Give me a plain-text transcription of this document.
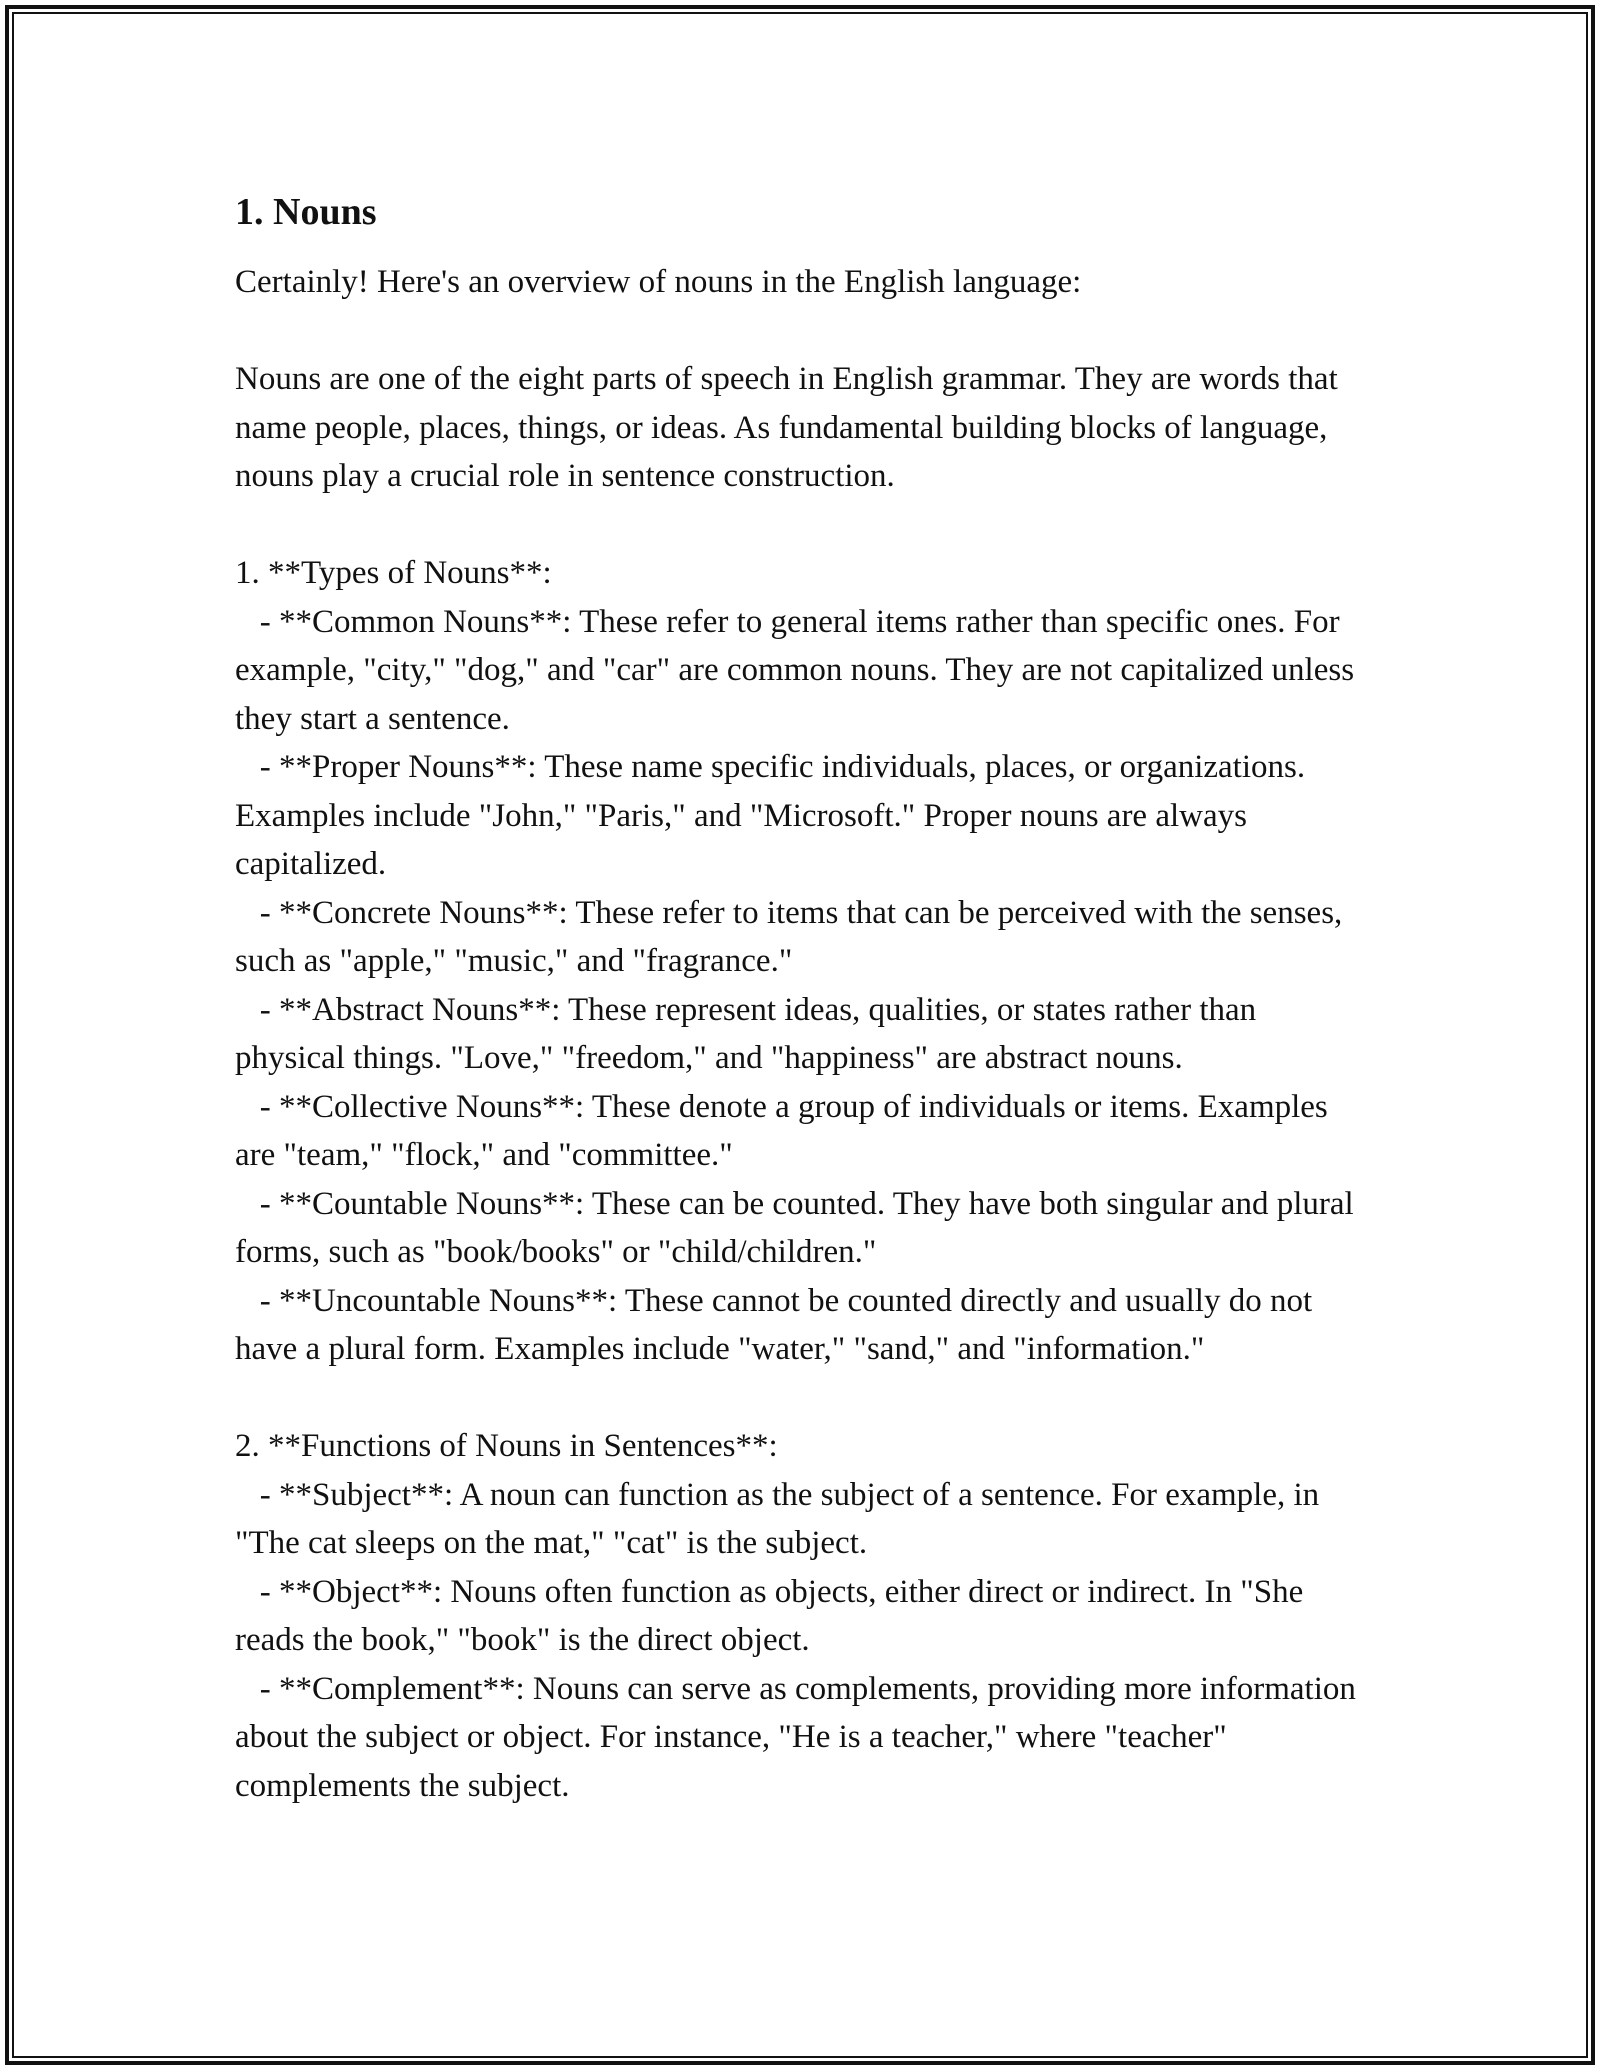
1. Nouns

Certainly! Here's an overview of nouns in the English language:

Nouns are one of the eight parts of speech in English grammar. They are words that name people, places, things, or ideas. As fundamental building blocks of language, nouns play a crucial role in sentence construction.

1. **Types of Nouns**:

- **Common Nouns**: These refer to general items rather than specific ones. For example, "city," "dog," and "car" are common nouns. They are not capitalized unless they start a sentence.

- **Proper Nouns**: These name specific individuals, places, or organizations. Examples include "John," "Paris," and "Microsoft." Proper nouns are always capitalized.

- **Concrete Nouns**: These refer to items that can be perceived with the senses, such as "apple," "music," and "fragrance."

- **Abstract Nouns**: These represent ideas, qualities, or states rather than physical things. "Love," "freedom," and "happiness" are abstract nouns.

- **Collective Nouns**: These denote a group of individuals or items. Examples are "team," "flock," and "committee."

- **Countable Nouns**: These can be counted. They have both singular and plural forms, such as "book/books" or "child/children."

- **Uncountable Nouns**: These cannot be counted directly and usually do not have a plural form. Examples include "water," "sand," and "information."

2. **Functions of Nouns in Sentences**:

- **Subject**: A noun can function as the subject of a sentence. For example, in "The cat sleeps on the mat," "cat" is the subject.

- **Object**: Nouns often function as objects, either direct or indirect. In "She reads the book," "book" is the direct object.

- **Complement**: Nouns can serve as complements, providing more information about the subject or object. For instance, "He is a teacher," where "teacher" complements the subject.
